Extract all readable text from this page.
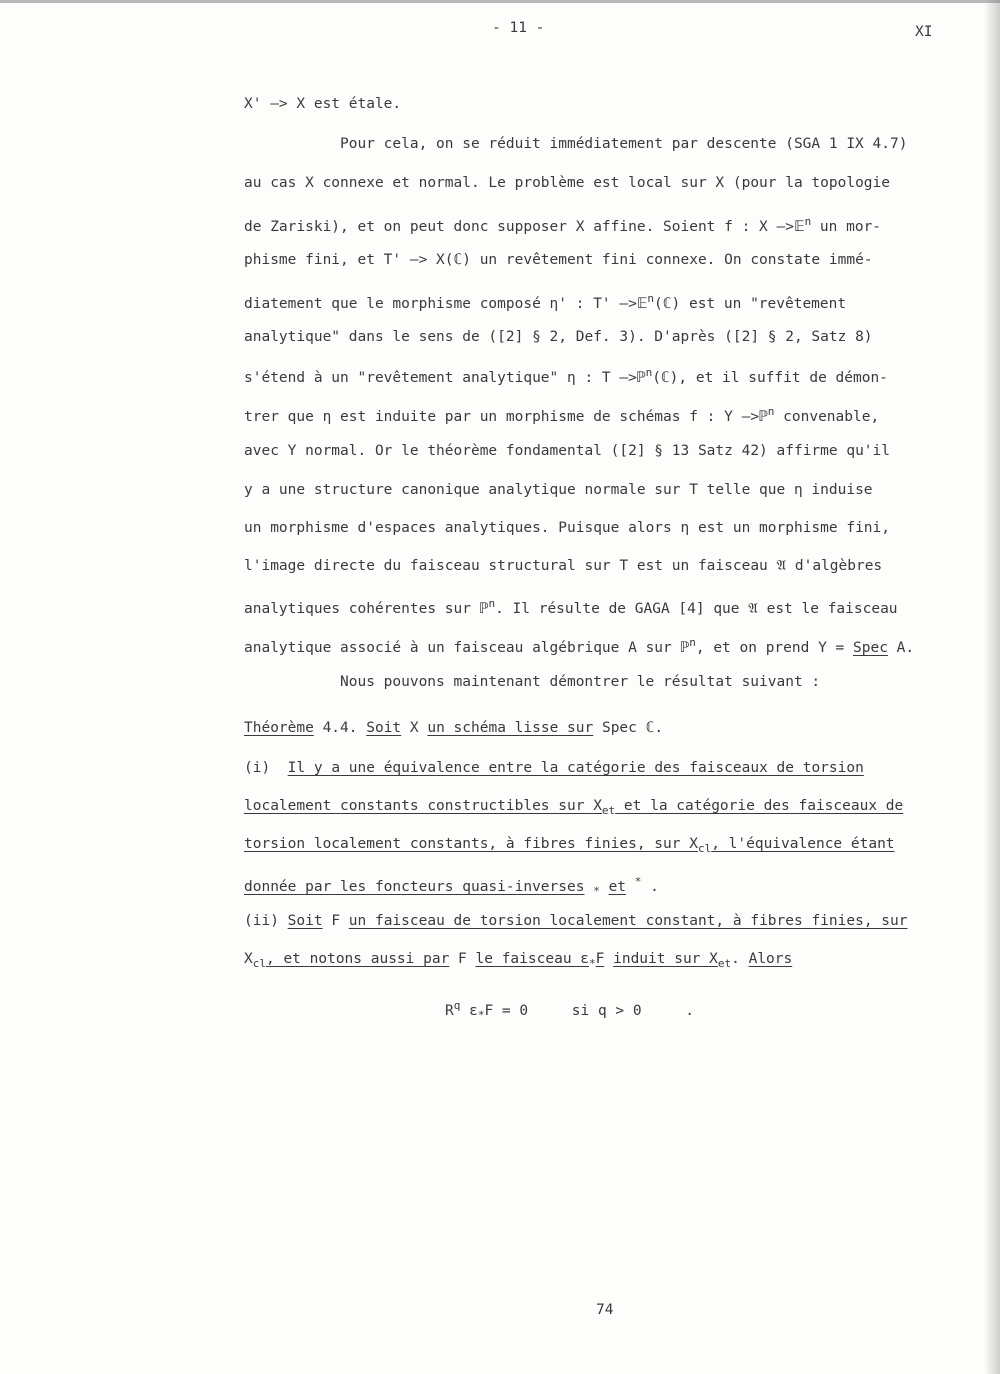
- 11 -	XI
X' —> X est étale.
Pour cela, on se réduit immédiatement par descente (SGA 1 IX 4.7)
au cas X connexe et normal. Le problème est local sur X (pour la topologie
de Zariski), et on peut donc supposer X affine. Soient f : X —>𝔼$^n$ un mor-
phisme fini, et T' —> X(ℂ) un revêtement fini connexe. On constate immé-
diatement que le morphisme composé η' : T' —>𝔼$^n$(ℂ) est un "revêtement
analytique" dans le sens de ([2] § 2, Def. 3). D'après ([2] § 2, Satz 8)
s'étend à un "revêtement analytique" η : T —>ℙ$^n$(ℂ), et il suffit de démon-
trer que η est induite par un morphisme de schémas f : Y —>ℙ$^n$ convenable,
avec Y normal. Or le théorème fondamental ([2] § 13 Satz 42) affirme qu'il
y a une structure canonique analytique normale sur T telle que η induise
un morphisme d'espaces analytiques. Puisque alors η est un morphisme fini,
l'image directe du faisceau structural sur T est un faisceau 𝔄 d'algèbres
analytiques cohérentes sur ℙ$^n$. Il résulte de GAGA [4] que 𝔄 est le faisceau
analytique associé à un faisceau algébrique A sur ℙ$^n$, et on prend Y = Spec A.
Nous pouvons maintenant démontrer le résultat suivant :
Théorème 4.4. Soit X un schéma lisse sur Spec ℂ.
(i) Il y a une équivalence entre la catégorie des faisceaux de torsion
localement constants constructibles sur $X_{et}$ et la catégorie des faisceaux de
torsion localement constants, à fibres finies, sur $X_{cl}$, l'équivalence étant
donnée par les foncteurs quasi-inverses $_*$ et * .
(ii) Soit F un faisceau de torsion localement constant, à fibres finies, sur
$X_{cl}$, et notons aussi par F le faisceau $\varepsilon_*F$ induit sur $X_{et}$. Alors
$R^q$ $\varepsilon_*F = 0$     si q > 0     .
74
